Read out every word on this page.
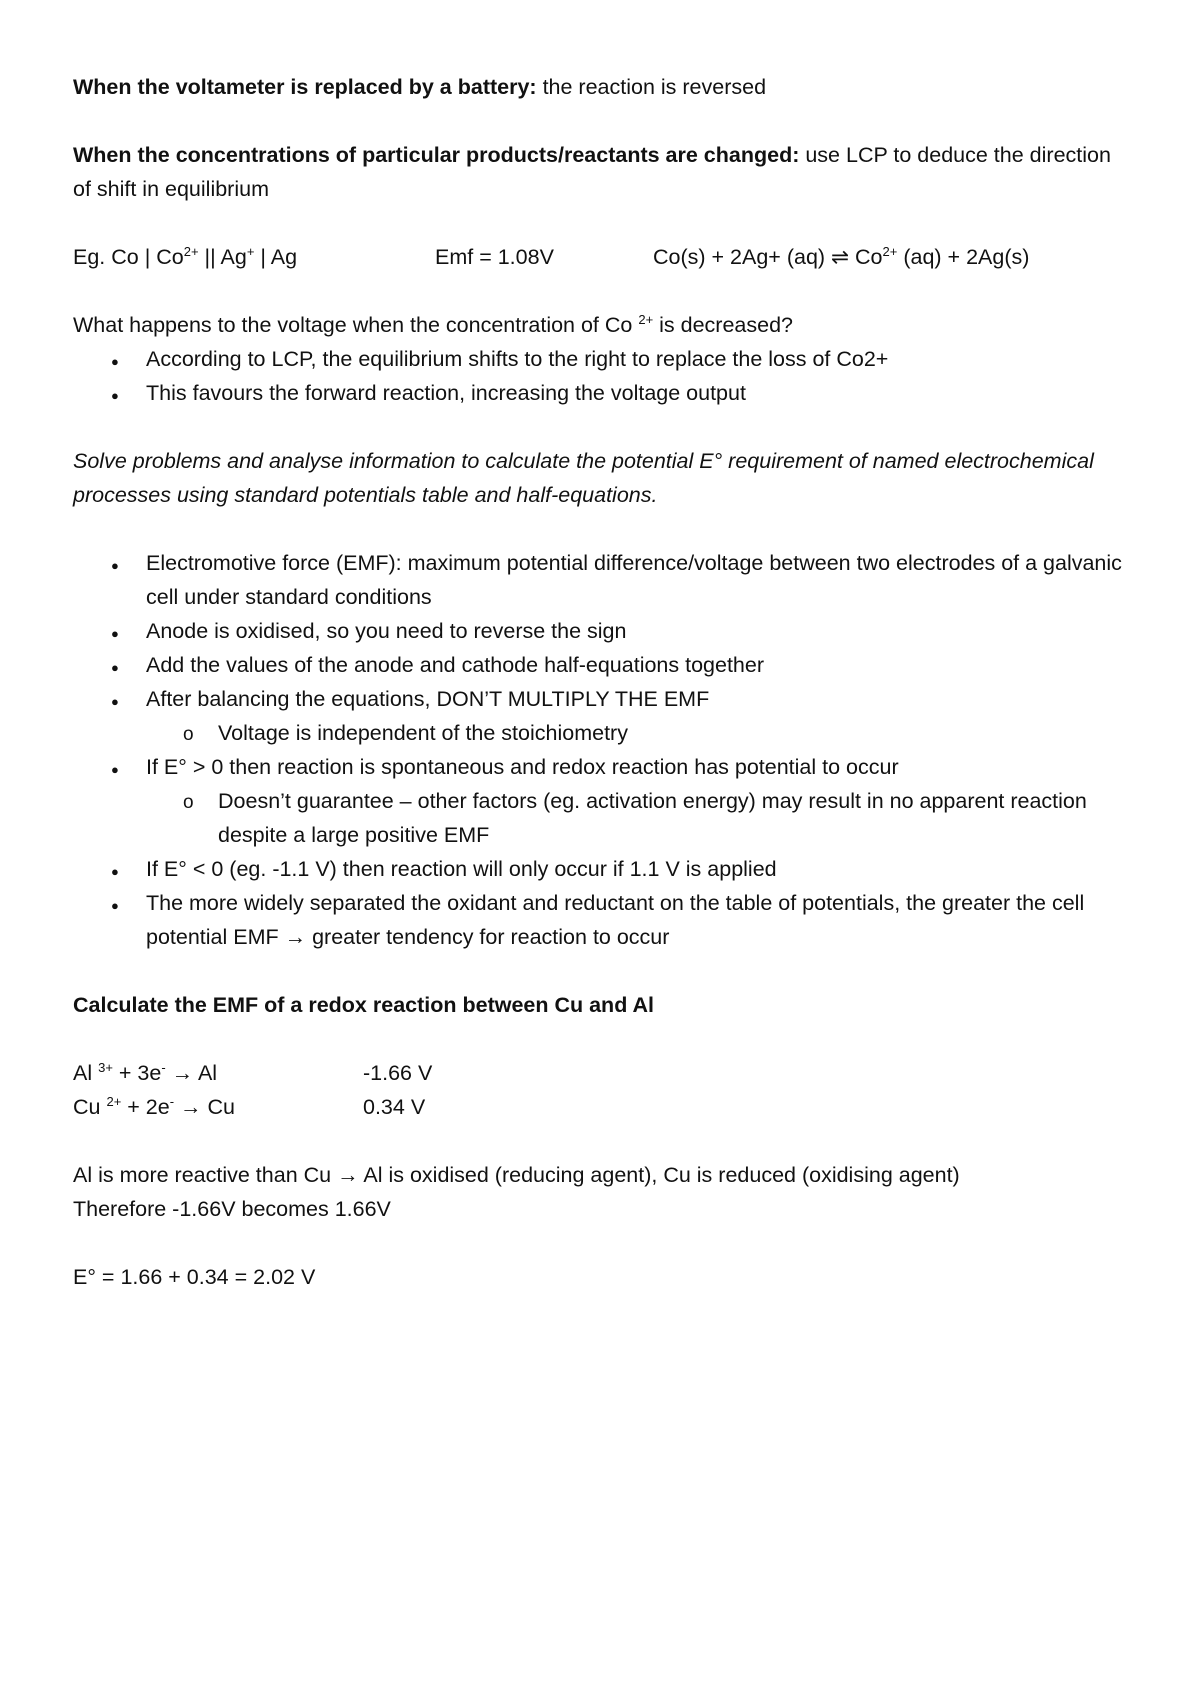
When the voltameter is replaced by a battery: the reaction is reversed

When the concentrations of particular products/reactants are changed: use LCP to deduce the direction of shift in equilibrium

Eg. Co | $Co^{2+}$ || Ag+ | Ag	Emf = 1.08V	Co(s) + 2Ag+ (aq) ⇌ $Co^{2+}$ (aq) + 2Ag(s)

What happens to the voltage when the concentration of Co $^{2+}$ is decreased?

●
According to LCP, the equilibrium shifts to the right to replace the loss of Co2+
●
This favours the forward reaction, increasing the voltage output

Solve problems and analyse information to calculate the potential E° requirement of named electrochemical processes using standard potentials table and half-equations.

●
Electromotive force (EMF): maximum potential difference/voltage between two electrodes of a galvanic cell under standard conditions
●
Anode is oxidised, so you need to reverse the sign
●
Add the values of the anode and cathode half-equations together
●
After balancing the equations, DON’T MULTIPLY THE EMF
o
Voltage is independent of the stoichiometry
●
If E° > 0 then reaction is spontaneous and redox reaction has potential to occur
o
Doesn’t guarantee – other factors (eg. activation energy) may result in no apparent reaction despite a large positive EMF
●
If E° < 0 (eg. -1.1 V) then reaction will only occur if 1.1 V is applied
●
The more widely separated the oxidant and reductant on the table of potentials, the greater the cell potential EMF → greater tendency for reaction to occur

Calculate the EMF of a redox reaction between Cu and Al

Al $^{3+}$ + 3e- → Al	-1.66 V
Cu $^{2+}$ + 2e- → Cu	0.34 V

Al is more reactive than Cu → Al is oxidised (reducing agent), Cu is reduced (oxidising agent)

Therefore -1.66V becomes 1.66V

E° = 1.66 + 0.34 = 2.02 V
